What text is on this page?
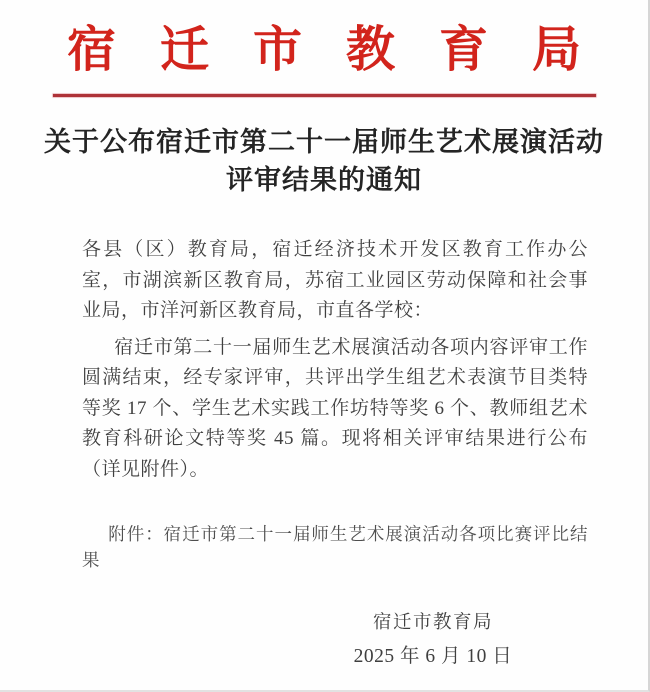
宿迁市教育局
关于公布宿迁市第二十一届师生艺术展演活动
评审结果的通知

各县（区）教育局，宿迁经济技术开发区教育工作办公室，市湖滨新区教育局，苏宿工业园区劳动保障和社会事业局，市洋河新区教育局，市直各学校：

宿迁市第二十一届师生艺术展演活动各项内容评审工作圆满结束，经专家评审，共评出学生组艺术表演节目类特等奖 17 个、学生艺术实践工作坊特等奖 6 个、教师组艺术教育科研论文特等奖 45 篇。现将相关评审结果进行公布（详见附件）。

附件：宿迁市第二十一届师生艺术展演活动各项比赛评比结果

宿迁市教育局
2025 年 6 月 10 日
